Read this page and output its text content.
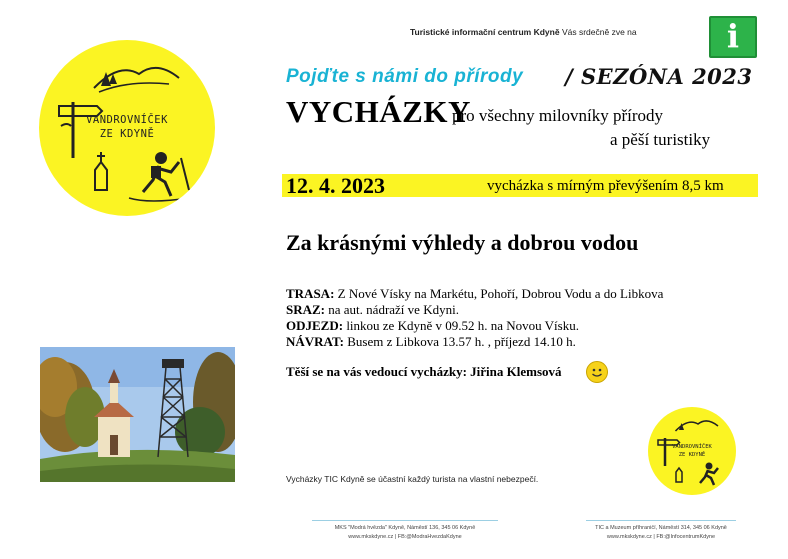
Turistické informační centrum Kdyně Vás srdečně zve na	i
VANDROVNÍČEK
ZE KDYNĚ
Pojďte s námi do přírody / SEZÓNA 2023
VYCHÁZKY
pro všechny milovníky přírody
a pěší turistiky
12. 4. 2023	vycházka s mírným převýšením 8,5 km
Za krásnými výhledy a dobrou vodou
TRASA: Z Nové Vísky na Markétu, Pohoří, Dobrou Vodu a do Libkova
SRAZ: na aut. nádraží ve Kdyni.
ODJEZD: linkou ze Kdyně v 09.52 h. na Novou Vísku.
NÁVRAT: Busem z Libkova 13.57 h. , příjezd 14.10 h.
Těší se na vás vedoucí vycházky: Jiřina Klemsová
VANDROVNÍČEK
ZE KDYNĚ
Vycházky TIC Kdyně se účastní každý turista na vlastní nebezpečí.
MKS "Modrá hvězda" Kdyně, Náměstí 136, 345 06 Kdyně
www.mkskdyne.cz | FB:@ModraHvezdaKdyne
TIC a Muzeum příhraničí, Náměstí 314, 345 06 Kdyně
www.mkskdyne.cz | FB:@InfocentrumKdyne
